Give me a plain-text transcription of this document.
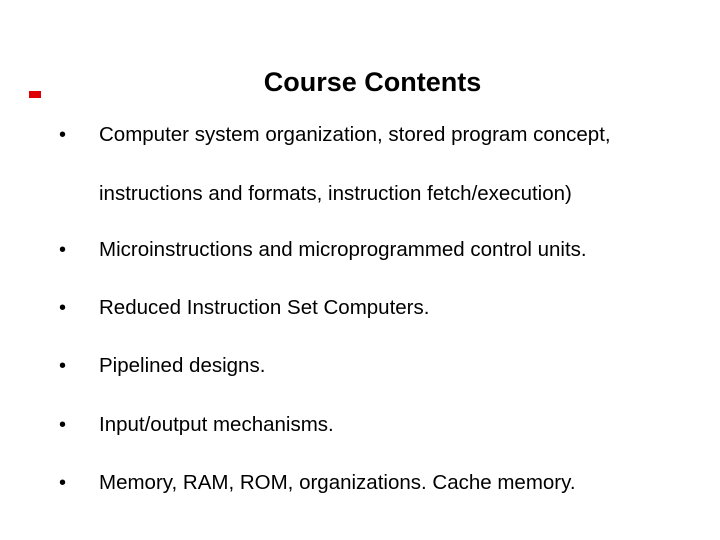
Course Contents
• Computer system organization, stored program concept,
instructions and formats, instruction fetch/execution)
• Microinstructions and microprogrammed control units.
• Reduced Instruction Set Computers.
• Pipelined designs.
• Input/output mechanisms.
• Memory, RAM, ROM, organizations. Cache memory.
